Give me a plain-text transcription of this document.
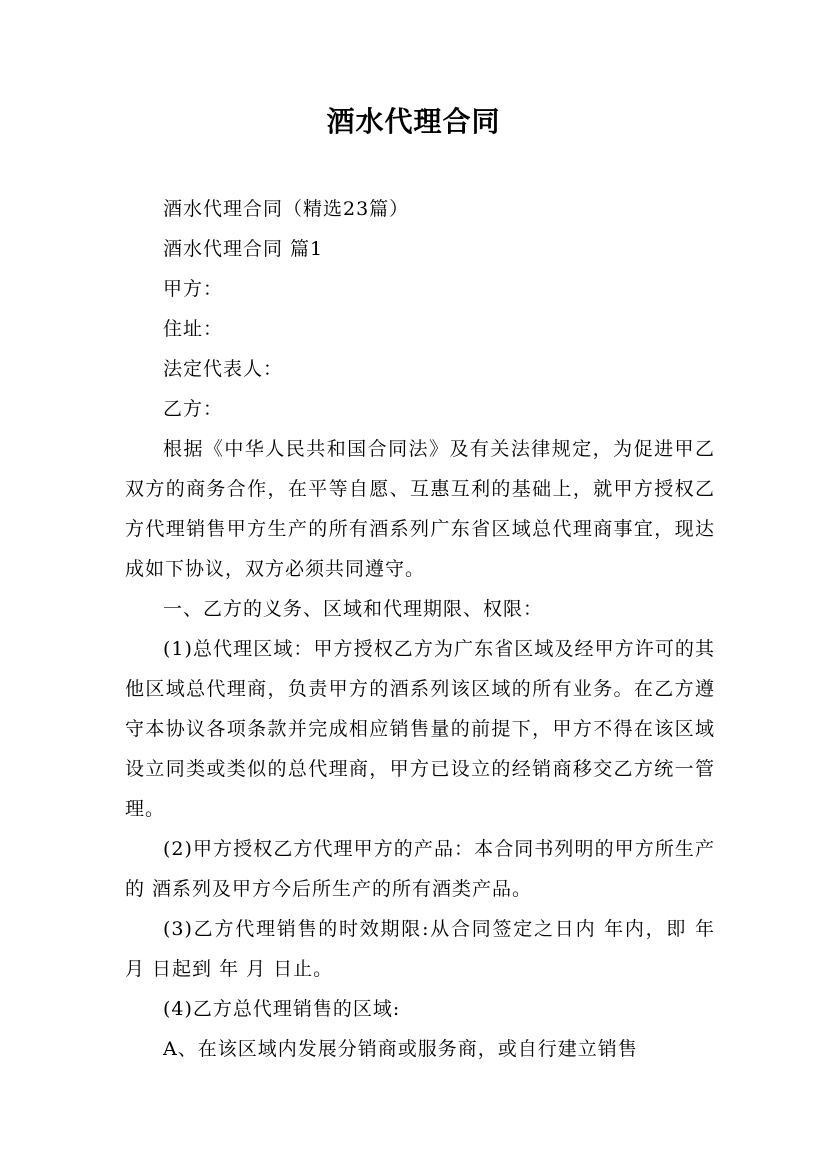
酒水代理合同

酒水代理合同（精选23篇）

酒水代理合同 篇1

甲方：

住址：

法定代表人：

乙方：

根据《中华人民共和国合同法》及有关法律规定，为促进甲乙双方的商务合作，在平等自愿、互惠互利的基础上，就甲方授权乙方代理销售甲方生产的所有酒系列广东省区域总代理商事宜，现达成如下协议，双方必须共同遵守。

一、乙方的义务、区域和代理期限、权限：

(1)总代理区域：甲方授权乙方为广东省区域及经甲方许可的其他区域总代理商，负责甲方的酒系列该区域的所有业务。在乙方遵守本协议各项条款并完成相应销售量的前提下，甲方不得在该区域设立同类或类似的总代理商，甲方已设立的经销商移交乙方统一管理。

(2)甲方授权乙方代理甲方的产品：本合同书列明的甲方所生产的 酒系列及甲方今后所生产的所有酒类产品。

(3)乙方代理销售的时效期限:从合同签定之日内 年内，即 年 月 日起到 年 月 日止。

(4)乙方总代理销售的区域:

A、在该区域内发展分销商或服务商，或自行建立销售
